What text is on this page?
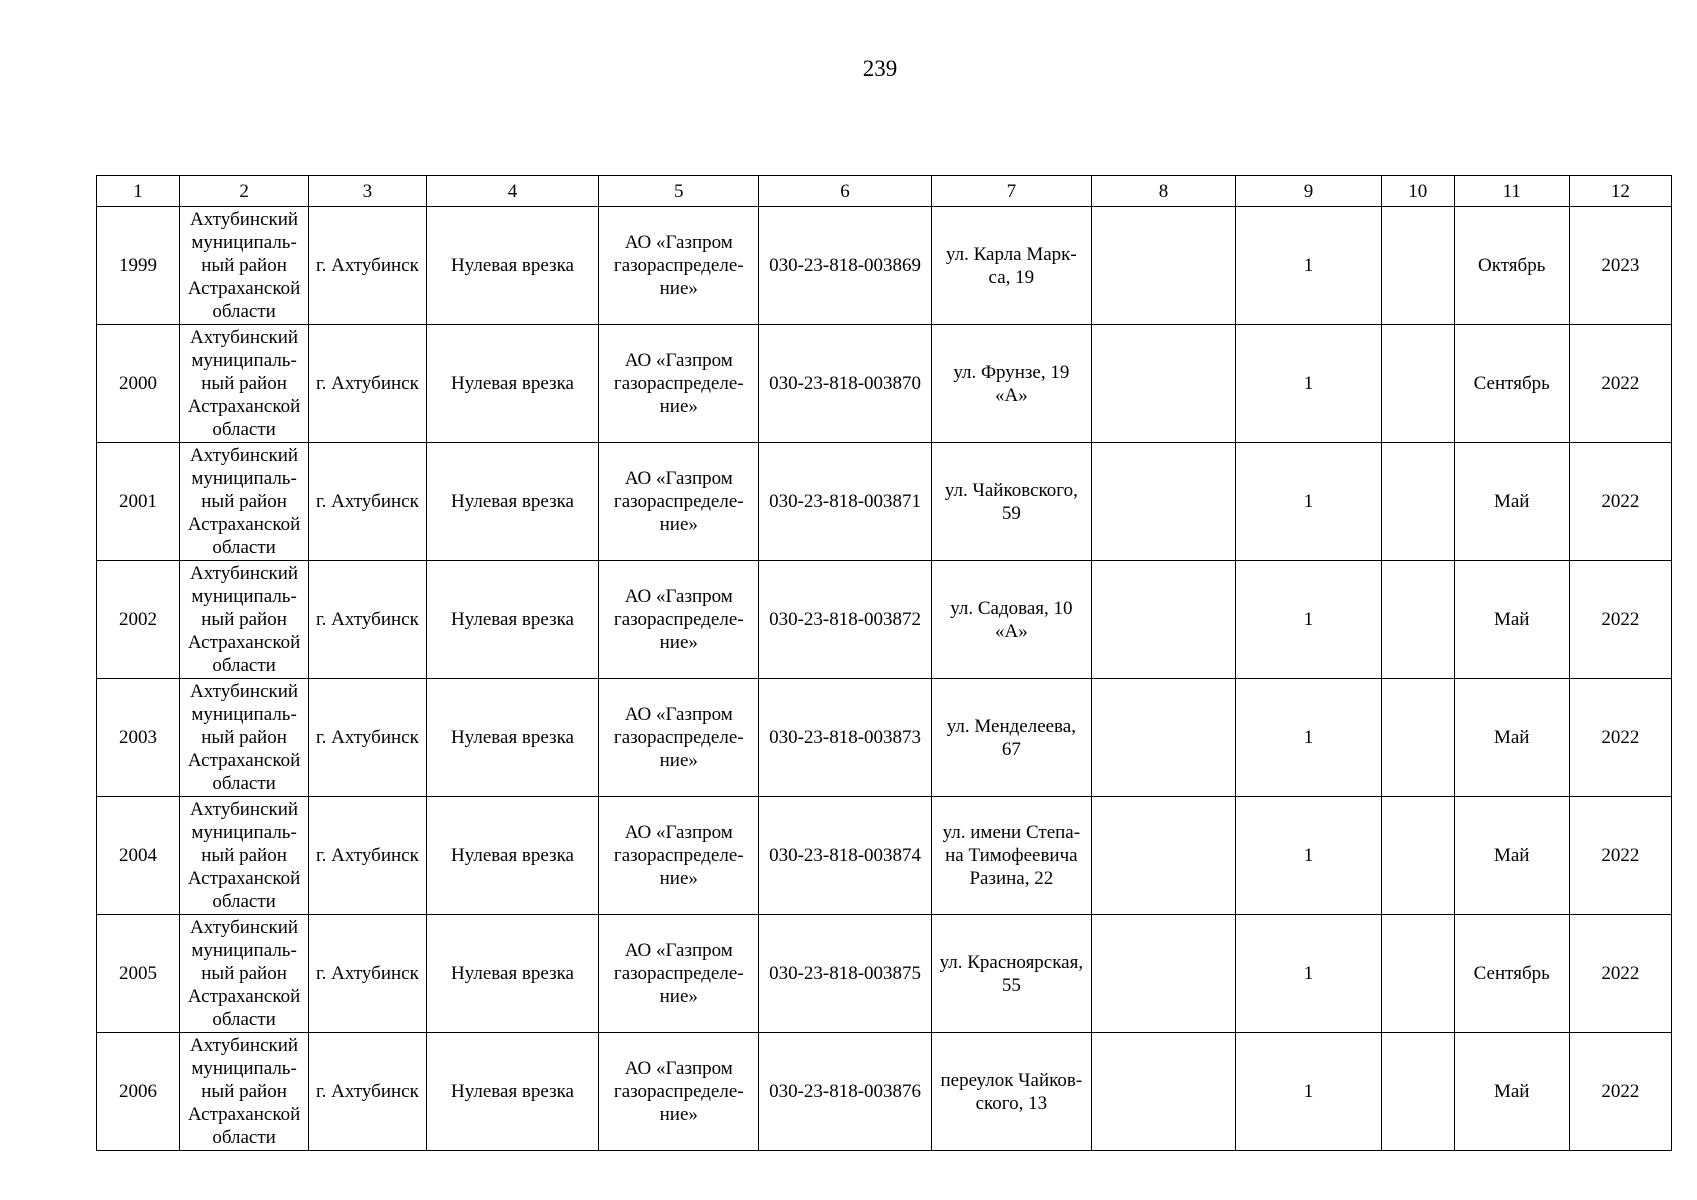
239
1	2	3	4	5	6	7	8	9	10	11	12
1999	Ахтубинский
муниципаль-
ный район
Астраханской
области	г. Ахтубинск	Нулевая врезка	АО «Газпром
газораспределе-
ние»	030-23-818-003869	ул. Карла Марк-
са, 19		1		Октябрь	2023
2000	Ахтубинский
муниципаль-
ный район
Астраханской
области	г. Ахтубинск	Нулевая врезка	АО «Газпром
газораспределе-
ние»	030-23-818-003870	ул. Фрунзе, 19
«А»		1		Сентябрь	2022
2001	Ахтубинский
муниципаль-
ный район
Астраханской
области	г. Ахтубинск	Нулевая врезка	АО «Газпром
газораспределе-
ние»	030-23-818-003871	ул. Чайковского,
59		1		Май	2022
2002	Ахтубинский
муниципаль-
ный район
Астраханской
области	г. Ахтубинск	Нулевая врезка	АО «Газпром
газораспределе-
ние»	030-23-818-003872	ул. Садовая, 10
«А»		1		Май	2022
2003	Ахтубинский
муниципаль-
ный район
Астраханской
области	г. Ахтубинск	Нулевая врезка	АО «Газпром
газораспределе-
ние»	030-23-818-003873	ул. Менделеева,
67		1		Май	2022
2004	Ахтубинский
муниципаль-
ный район
Астраханской
области	г. Ахтубинск	Нулевая врезка	АО «Газпром
газораспределе-
ние»	030-23-818-003874	ул. имени Степа-
на Тимофеевича
Разина, 22		1		Май	2022
2005	Ахтубинский
муниципаль-
ный район
Астраханской
области	г. Ахтубинск	Нулевая врезка	АО «Газпром
газораспределе-
ние»	030-23-818-003875	ул. Красноярская,
55		1		Сентябрь	2022
2006	Ахтубинский
муниципаль-
ный район
Астраханской
области	г. Ахтубинск	Нулевая врезка	АО «Газпром
газораспределе-
ние»	030-23-818-003876	переулок Чайков-
ского, 13		1		Май	2022
